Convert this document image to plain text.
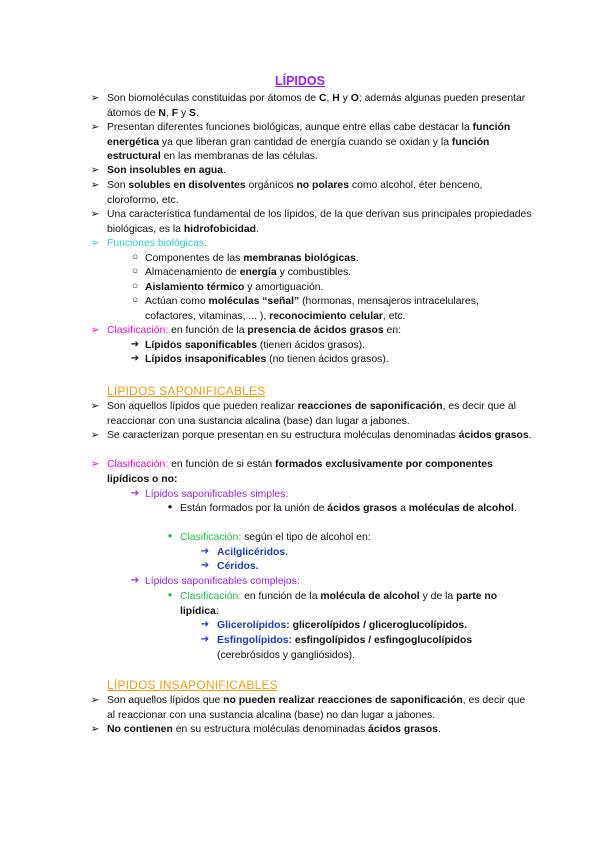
LÍPIDOS
➢ Son biomoléculas constituidas por átomos de C, H y O; además algunas pueden presentar átomos de N, F y S.
➢ Presentan diferentes funciones biológicas, aunque entre ellas cabe destacar la función energética ya que liberan gran cantidad de energía cuando se oxidan y la función estructural en las membranas de las células.
➢ Son insolubles en agua.
➢ Son solubles en disolventes orgánicos no polares como alcohol, éter benceno, cloroformo, etc.
➢ Una característica fundamental de los lípidos, de la que derivan sus principales propiedades biológicas, es la hidrofobicidad.
➢ Funciones biológicas:
○ Componentes de las membranas biológicas.
○ Almacenamiento de energía y combustibles.
○ Aislamiento térmico y amortiguación.
○ Actúan como moléculas “señal” (hormonas, mensajeros intracelulares, cofactores, vitaminas, ... ), reconocimiento celular, etc.
➢ Clasificación: en función de la presencia de ácidos grasos en:
➔ Lípidos saponificables (tienen ácidos grasos).
➔ Lípidos insaponificables (no tienen ácidos grasos).
LÍPIDOS SAPONIFICABLES
➢ Son aquellos lípidos que pueden realizar reacciones de saponificación, es decir que al reaccionar con una sustancia alcalina (base) dan lugar a jabones.
➢ Se caracterizan porque presentan en su estructura moléculas denominadas ácidos grasos.
➢ Clasificación: en función de si están formados exclusivamente por componentes lipídicos o no:
➔ Lípidos saponificables simples:
● Están formados por la unión de ácidos grasos a moléculas de alcohol.
● Clasificación: según el tipo de alcohol en:
➔ Acilglicéridos.
➔ Céridos.
➔ Lípidos saponificables complejos:
● Clasificación: en función de la molécula de alcohol y de la parte no lipídica:
➔ Glicerolípidos: glicerolípidos / gliceroglucolípidos.
➔ Esfingolípidos: esfingolípidos / esfingoglucolípidos
(cerebrósidos y gangliósidos).
LÍPIDOS INSAPONIFICABLES
➢ Son aquellos lípidos que no pueden realizar reacciones de saponificación, es decir que al reaccionar con una sustancia alcalina (base) no dan lugar a jabones.
➢ No contienen en su estructura moléculas denominadas ácidos grasos.
